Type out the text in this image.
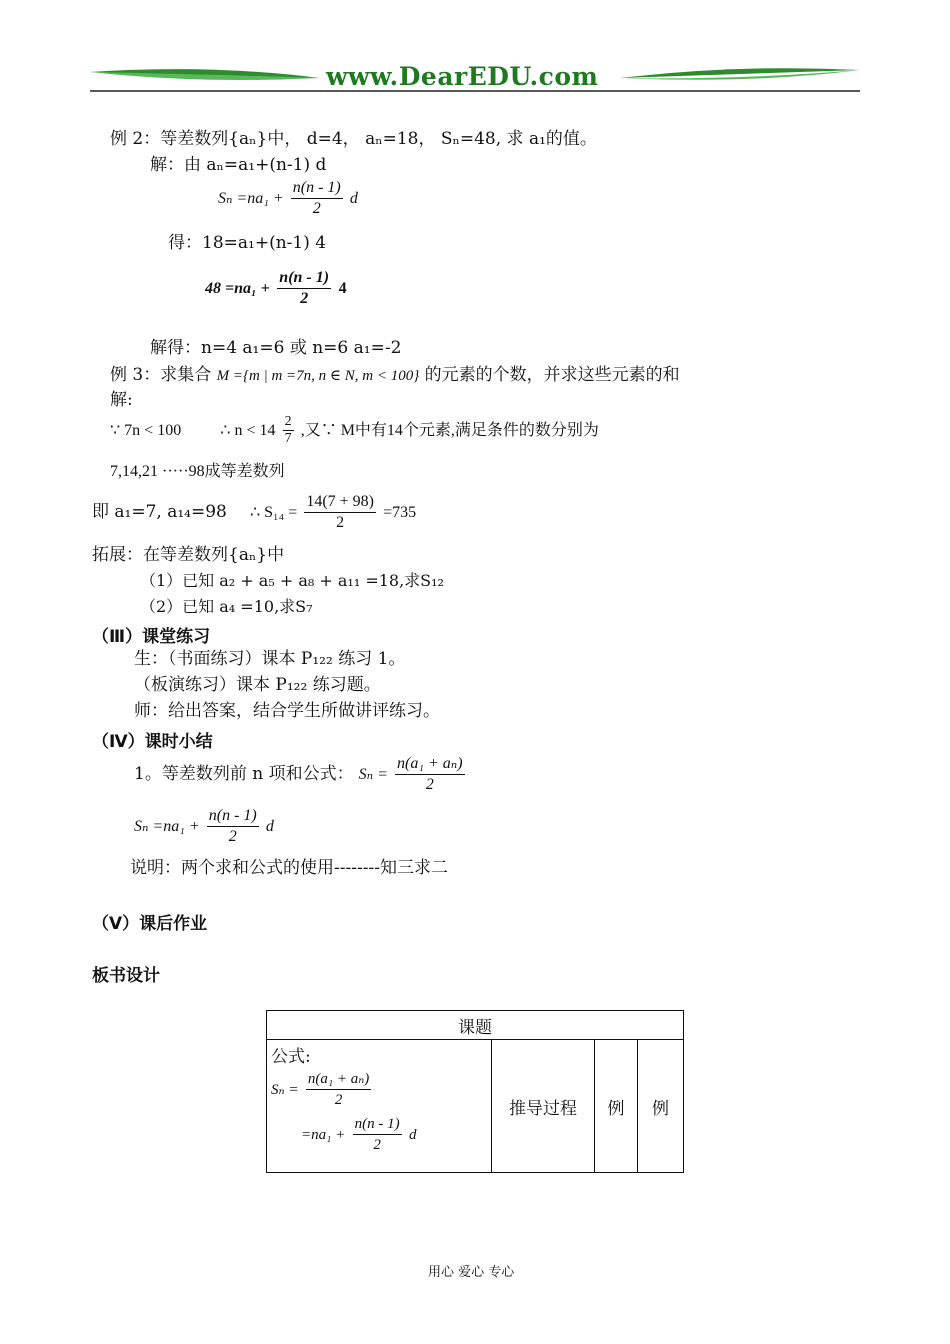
www.DearEDU.com
例 2：等差数列{aₙ}中， d=4， aₙ=18， Sₙ=48, 求 a₁的值。
解：由 aₙ=a₁+(n-1) d
$S_n =na_1 + \frac{n(n - 1)}{2}$ d
得：18=a₁+(n-1) 4
$48 =na_1 + \frac{n(n - 1)}{2} 4$
解得：n=4 a₁=6 或 n=6 a₁=-2
例 3：求集合 M ={m | m =7n, n ∈ N, m < 100} 的元素的个数，并求这些元素的和
解:
∵ 7n < 100 ∴ $n < 14 \frac{2}{7}$ ,又∵ M中有14个元素,满足条件的数分别为
7,14,21 ·····98成等差数列
即 a₁=7, a₁₄=98 ∴ $S_{14} = \frac{14(7 + 98)}{2} =735$
拓展：在等差数列{aₙ}中
（1）已知 a₂ + a₅ + a₈ + a₁₁ =18,求S₁₂
（2）已知 a₄ =10,求S₇
（Ⅲ）课堂练习
生：（书面练习）课本 P₁₂₂ 练习 1。
（板演练习）课本 P₁₂₂ 练习题。
师：给出答案，结合学生所做讲评练习。
（Ⅳ）课时小结
1。等差数列前 n 项和公式： $S_n = \frac{\text{n(a₁ + aₙ)}}{2}$
$S_n =na_1 + \frac{n(n - 1)}{2}$ d
说明：两个求和公式的使用--------知三求二
（Ⅴ）课后作业
板书设计
课题

公式:
$S_n = \frac{\text{n(a₁ + aₙ)}}{2}$
$=na_1 + \frac{n(n - 1)}{2}$ d
	推导过程	例	例
用心 爱心 专心
